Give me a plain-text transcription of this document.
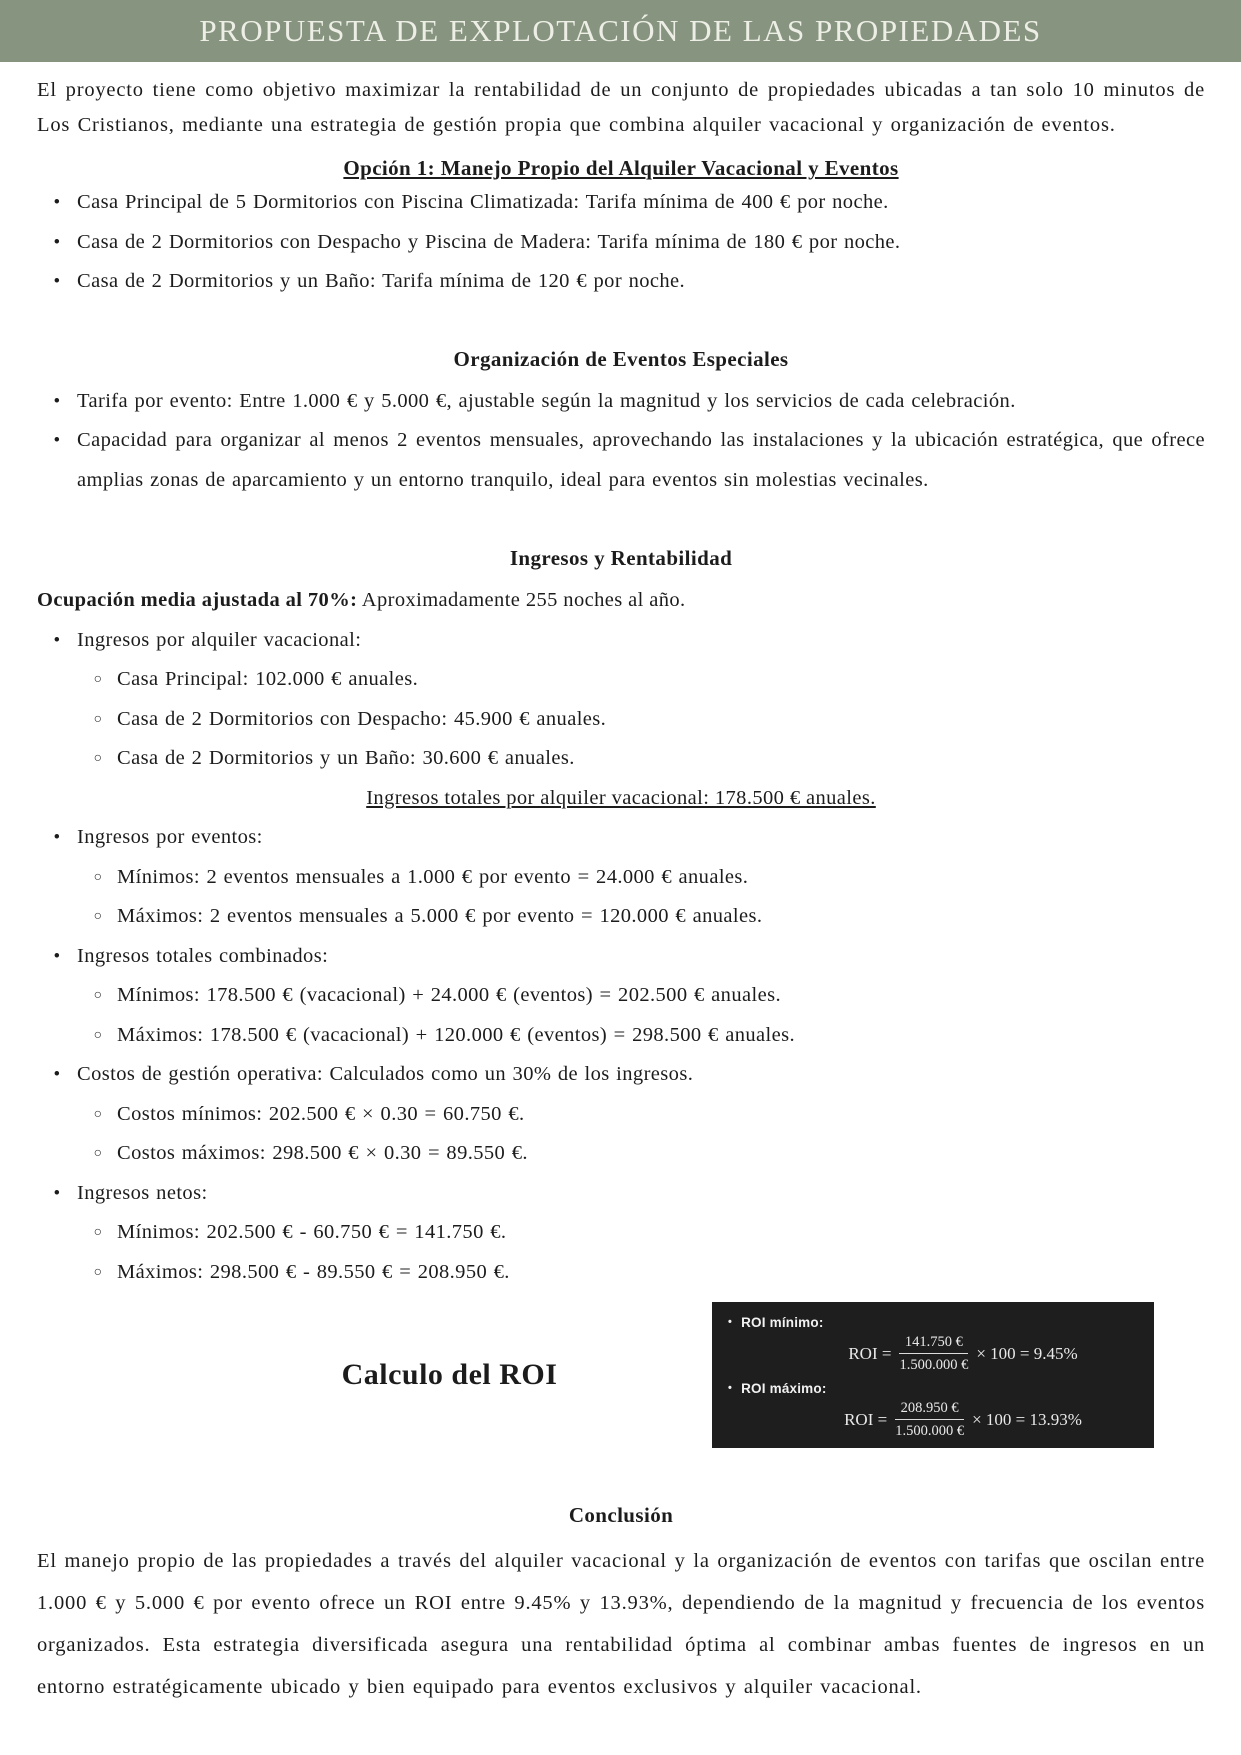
PROPUESTA DE EXPLOTACIÓN DE LAS PROPIEDADES

El proyecto tiene como objetivo maximizar la rentabilidad de un conjunto de propiedades ubicadas a tan solo 10 minutos de Los Cristianos, mediante una estrategia de gestión propia que combina alquiler vacacional y organización de eventos.

Opción 1: Manejo Propio del Alquiler Vacacional y Eventos
• Casa Principal de 5 Dormitorios con Piscina Climatizada: Tarifa mínima de 400 € por noche.
• Casa de 2 Dormitorios con Despacho y Piscina de Madera: Tarifa mínima de 180 € por noche.
• Casa de 2 Dormitorios y un Baño: Tarifa mínima de 120 € por noche.
Organización de Eventos Especiales
• Tarifa por evento: Entre 1.000 € y 5.000 €, ajustable según la magnitud y los servicios de cada celebración.
• Capacidad para organizar al menos 2 eventos mensuales, aprovechando las instalaciones y la ubicación estratégica, que ofrece amplias zonas de aparcamiento y un entorno tranquilo, ideal para eventos sin molestias vecinales.
Ingresos y Rentabilidad

Ocupación media ajustada al 70%: Aproximadamente 255 noches al año.

• Ingresos por alquiler vacacional:
○ Casa Principal: 102.000 € anuales.
○ Casa de 2 Dormitorios con Despacho: 45.900 € anuales.
○ Casa de 2 Dormitorios y un Baño: 30.600 € anuales.

Ingresos totales por alquiler vacacional: 178.500 € anuales.

• Ingresos por eventos:
○ Mínimos: 2 eventos mensuales a 1.000 € por evento = 24.000 € anuales.
○ Máximos: 2 eventos mensuales a 5.000 € por evento = 120.000 € anuales.
• Ingresos totales combinados:
○ Mínimos: 178.500 € (vacacional) + 24.000 € (eventos) = 202.500 € anuales.
○ Máximos: 178.500 € (vacacional) + 120.000 € (eventos) = 298.500 € anuales.
• Costos de gestión operativa: Calculados como un 30% de los ingresos.
○ Costos mínimos: 202.500 € × 0.30 = 60.750 €.
○ Costos máximos: 298.500 € × 0.30 = 89.550 €.
• Ingresos netos:
○ Mínimos: 202.500 € - 60.750 € = 141.750 €.
○ Máximos: 298.500 € - 89.550 € = 208.950 €.
Calculo del ROI
• ROI mínimo:
ROI = $\frac{141.750 €}{1.500.000 €} \times 100 = 9.45\%$
• ROI máximo:
ROI = $\frac{208.950 €}{1.500.000 €} \times 100 = 13.93\%$
Conclusión

El manejo propio de las propiedades a través del alquiler vacacional y la organización de eventos con tarifas que oscilan entre 1.000 € y 5.000 € por evento ofrece un ROI entre 9.45% y 13.93%, dependiendo de la magnitud y frecuencia de los eventos organizados. Esta estrategia diversificada asegura una rentabilidad óptima al combinar ambas fuentes de ingresos en un entorno estratégicamente ubicado y bien equipado para eventos exclusivos y alquiler vacacional.
